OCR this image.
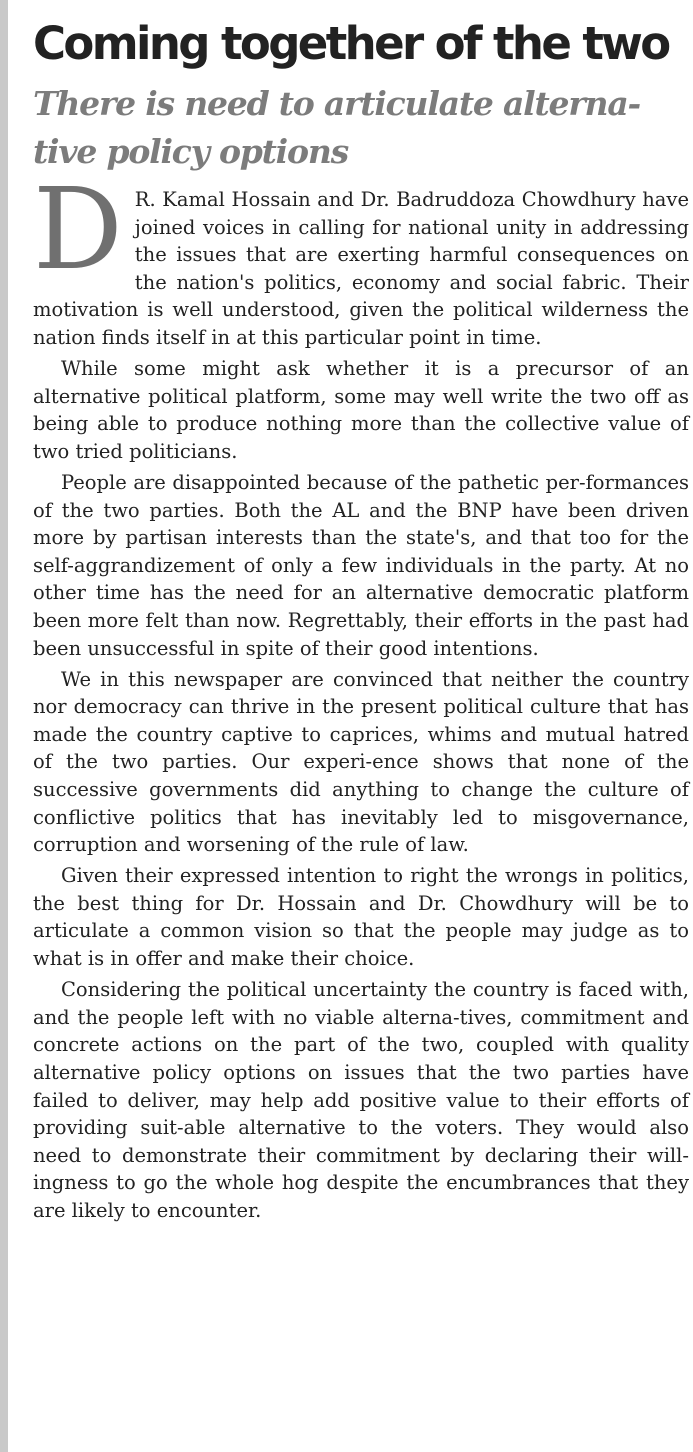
Coming together of the two
There is need to articulate alterna-tive policy options

D R. Kamal Hossain and Dr. Badruddoza Chowdhury have joined voices in calling for national unity in addressing the issues that are exerting harmful consequences on the nation's politics, economy and social fabric. Their motivation is well understood, given the political wilderness the nation finds itself in at this particular point in time.

While some might ask whether it is a precursor of an alternative political platform, some may well write the two off as being able to produce nothing more than the collective value of two tried politicians.

People are disappointed because of the pathetic per-formances of the two parties. Both the AL and the BNP have been driven more by partisan interests than the state's, and that too for the self-aggrandizement of only a few individuals in the party. At no other time has the need for an alternative democratic platform been more felt than now. Regrettably, their efforts in the past had been unsuccessful in spite of their good intentions.

We in this newspaper are convinced that neither the country nor democracy can thrive in the present political culture that has made the country captive to caprices, whims and mutual hatred of the two parties. Our experi-ence shows that none of the successive governments did anything to change the culture of conflictive politics that has inevitably led to misgovernance, corruption and worsening of the rule of law.

Given their expressed intention to right the wrongs in politics, the best thing for Dr. Hossain and Dr. Chowdhury will be to articulate a common vision so that the people may judge as to what is in offer and make their choice.

Considering the political uncertainty the country is faced with, and the people left with no viable alterna-tives, commitment and concrete actions on the part of the two, coupled with quality alternative policy options on issues that the two parties have failed to deliver, may help add positive value to their efforts of providing suit-able alternative to the voters. They would also need to demonstrate their commitment by declaring their will-ingness to go the whole hog despite the encumbrances that they are likely to encounter.
